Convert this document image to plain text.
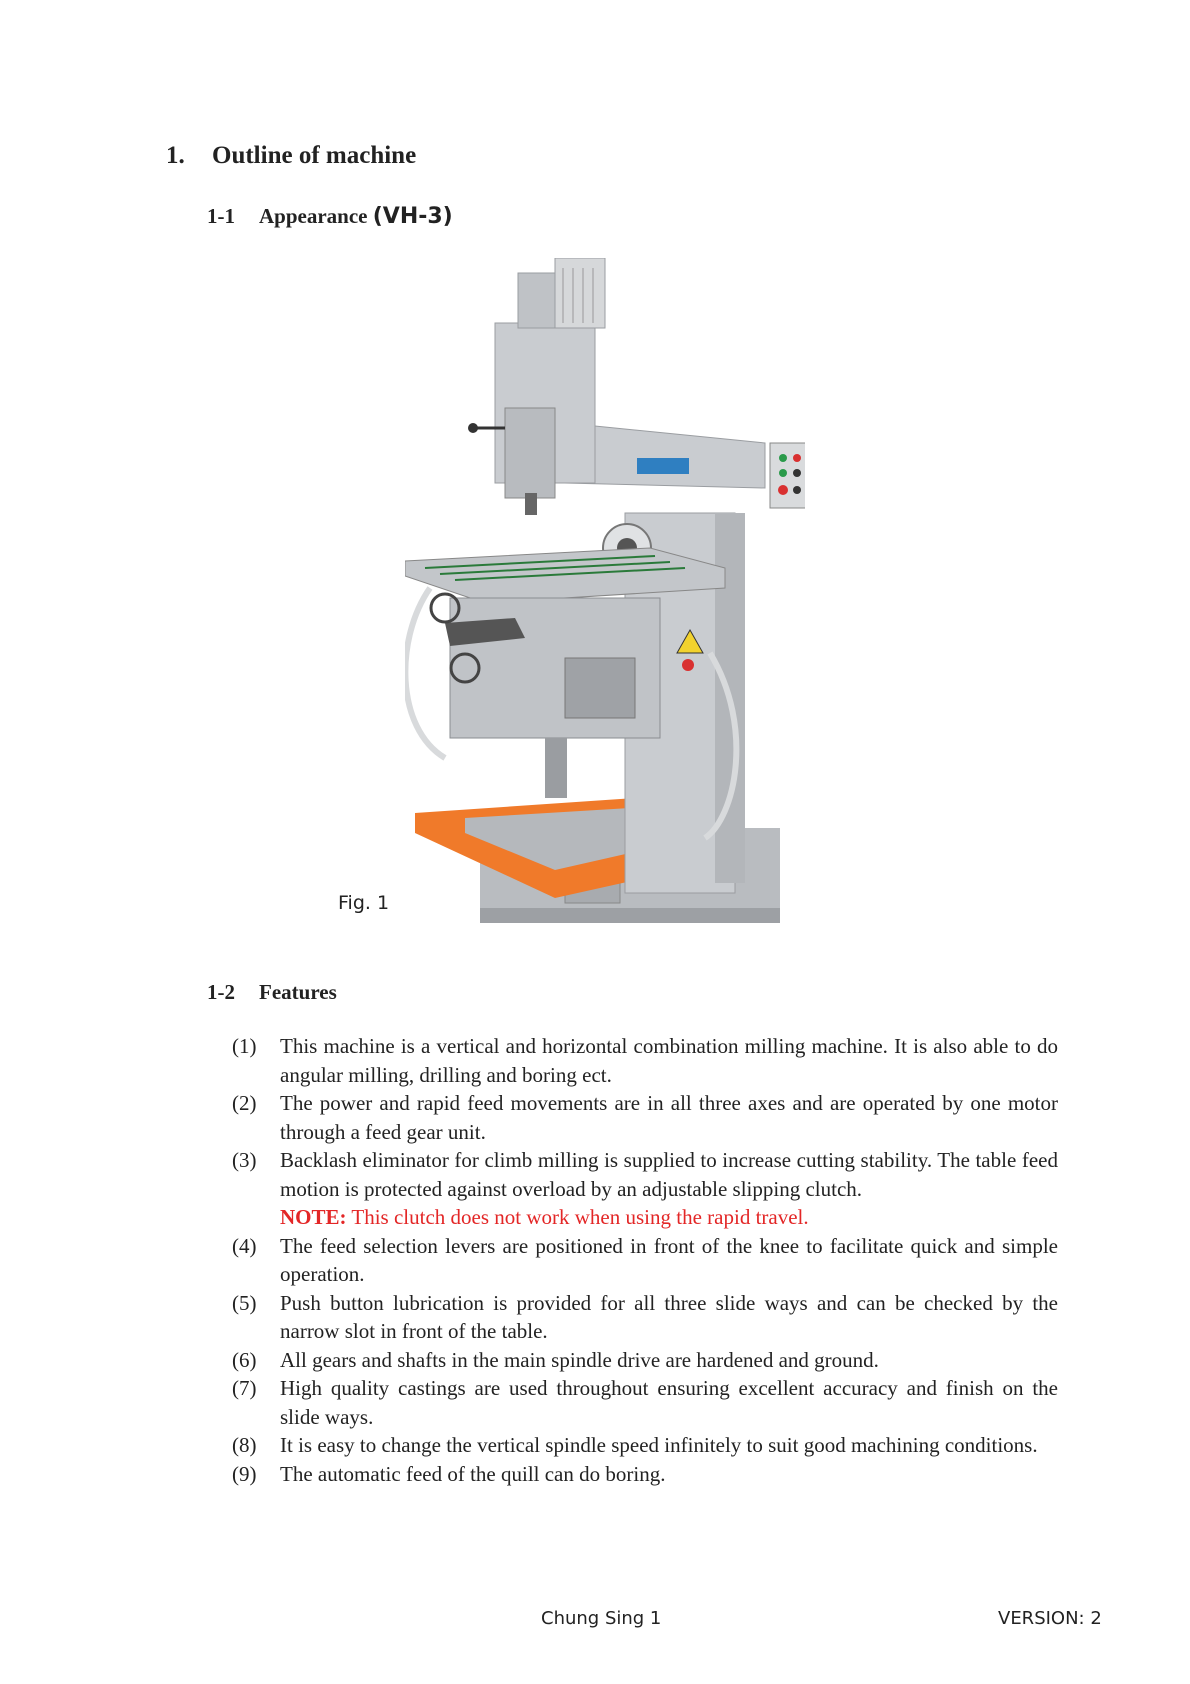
1. Outline of machine
1-1 Appearance (VH-3)
Fig. 1
1-2 Features
(1) This machine is a vertical and horizontal combination milling machine. It is also able to do angular milling, drilling and boring ect.
(2) The power and rapid feed movements are in all three axes and are operated by one motor through a feed gear unit.
(3) Backlash eliminator for climb milling is supplied to increase cutting stability. The table feed motion is protected against overload by an adjustable slipping clutch.
NOTE: This clutch does not work when using the rapid travel.
(4) The feed selection levers are positioned in front of the knee to facilitate quick and simple operation.
(5) Push button lubrication is provided for all three slide ways and can be checked by the narrow slot in front of the table.
(6) All gears and shafts in the main spindle drive are hardened and ground.
(7) High quality castings are used throughout ensuring excellent accuracy and finish on the slide ways.
(8) It is easy to change the vertical spindle speed infinitely to suit good machining conditions.
(9) The automatic feed of the quill can do boring.
Chung Sing 1	VERSION: 2
